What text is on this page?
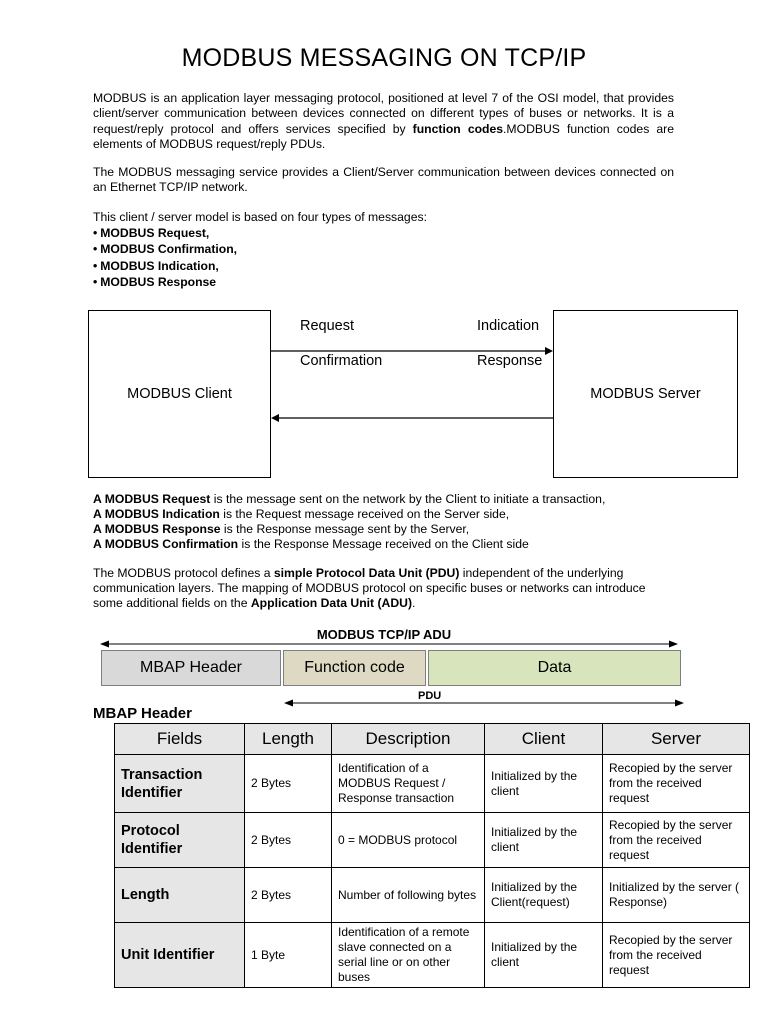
MODBUS MESSAGING ON TCP/IP
MODBUS is an application layer messaging protocol, positioned at level 7 of the OSI model, that provides client/server communication between devices connected on different types of buses or networks. It is a request/reply protocol and offers services specified by function codes.MODBUS function codes are elements of MODBUS request/reply PDUs.
The MODBUS messaging service provides a Client/Server communication between devices connected on an Ethernet TCP/IP network.
This client / server model is based on four types of messages:
• MODBUS Request,
• MODBUS Confirmation,
• MODBUS Indication,
• MODBUS Response
MODBUS Client	MODBUS Server
Request	Indication
Confirmation	Response
A MODBUS Request is the message sent on the network by the Client to initiate a transaction,
A MODBUS Indication is the Request message received on the Server side,
A MODBUS Response is the Response message sent by the Server,
A MODBUS Confirmation is the Response Message received on the Client side
The MODBUS protocol defines a simple Protocol Data Unit (PDU) independent of the underlying communication layers. The mapping of MODBUS protocol on specific buses or networks can introduce some additional fields on the Application Data Unit (ADU).
MODBUS TCP/IP ADU
MBAP Header	Function code	Data
PDU
MBAP Header
Fields	Length	Description	Client	Server
Transaction Identifier	2 Bytes	Identification of a MODBUS Request / Response transaction	Initialized by the client	Recopied by the server from the received request
Protocol Identifier	2 Bytes	0 = MODBUS protocol	Initialized by the client	Recopied by the server from the received request
Length	2 Bytes	Number of following bytes	Initialized by the Client(request)	Initialized by the server ( Response)
Unit Identifier	1 Byte	Identification of a remote slave connected on a serial line or on other buses	Initialized by the client	Recopied by the server from the received request
